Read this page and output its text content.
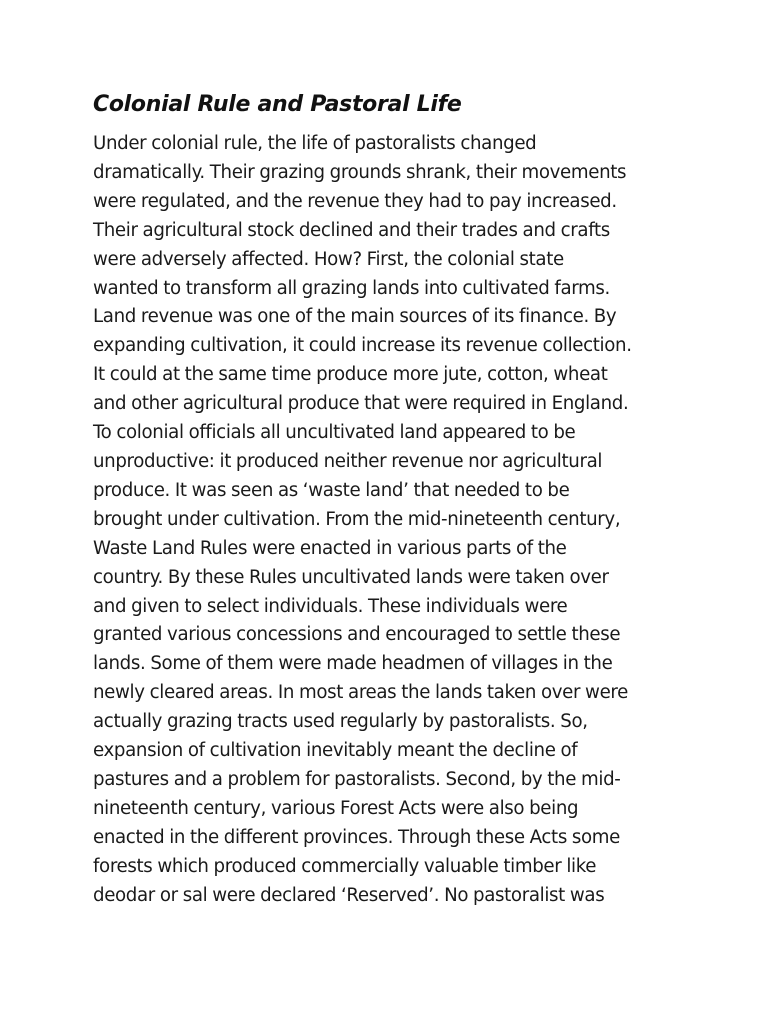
Colonial Rule and Pastoral Life

Under colonial rule, the life of pastoralists changed
dramatically. Their grazing grounds shrank, their movements
were regulated, and the revenue they had to pay increased.
Their agricultural stock declined and their trades and crafts
were adversely affected. How? First, the colonial state
wanted to transform all grazing lands into cultivated farms.
Land revenue was one of the main sources of its finance. By
expanding cultivation, it could increase its revenue collection.
It could at the same time produce more jute, cotton, wheat
and other agricultural produce that were required in England.
To colonial officials all uncultivated land appeared to be
unproductive: it produced neither revenue nor agricultural
produce. It was seen as ‘waste land’ that needed to be
brought under cultivation. From the mid-nineteenth century,
Waste Land Rules were enacted in various parts of the
country. By these Rules uncultivated lands were taken over
and given to select individuals. These individuals were
granted various concessions and encouraged to settle these
lands. Some of them were made headmen of villages in the
newly cleared areas. In most areas the lands taken over were
actually grazing tracts used regularly by pastoralists. So,
expansion of cultivation inevitably meant the decline of
pastures and a problem for pastoralists. Second, by the mid-
nineteenth century, various Forest Acts were also being
enacted in the different provinces. Through these Acts some
forests which produced commercially valuable timber like
deodar or sal were declared ‘Reserved’. No pastoralist was
